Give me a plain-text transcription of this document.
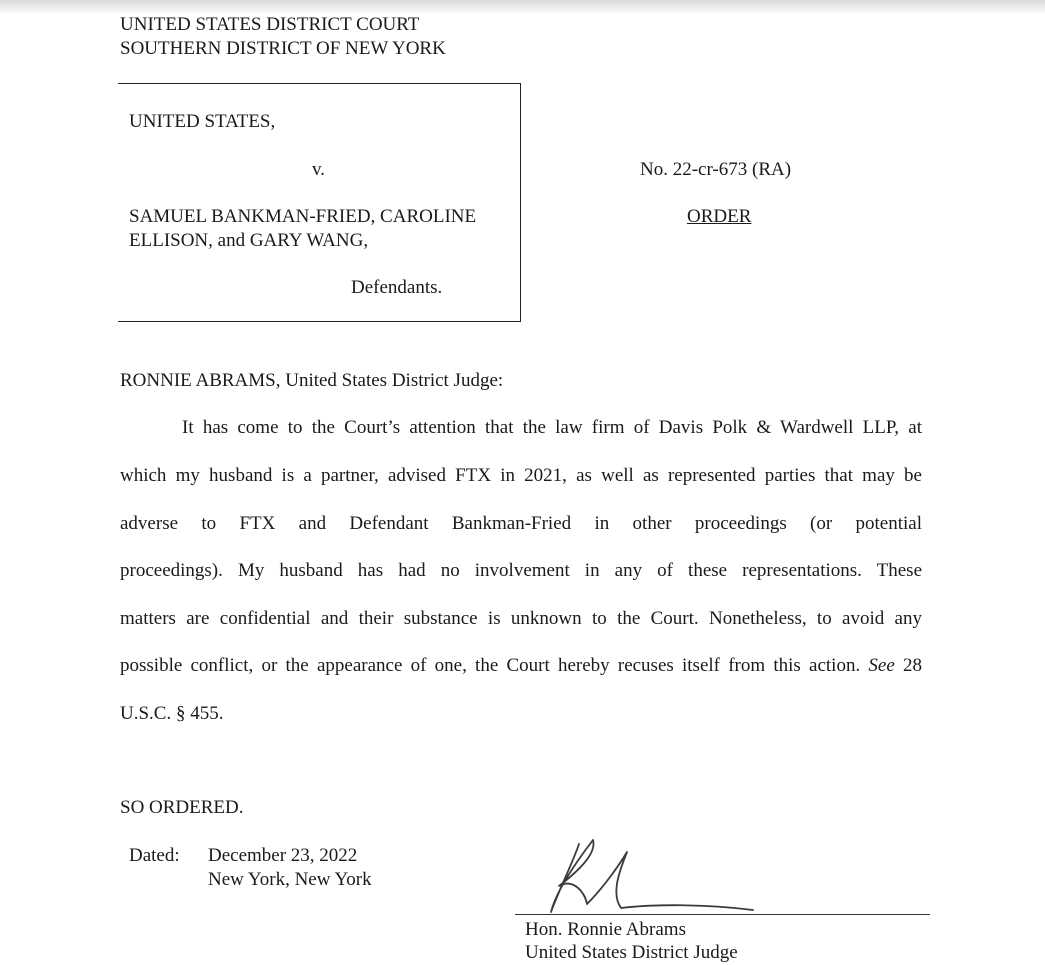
UNITED STATES DISTRICT COURT
SOUTHERN DISTRICT OF NEW YORK
UNITED STATES,
v.
SAMUEL BANKMAN-FRIED, CAROLINE
ELLISON, and GARY WANG,
Defendants.
No. 22-cr-673 (RA)
ORDER
RONNIE ABRAMS, United States District Judge:
It has come to the Court’s attention that the law firm of Davis Polk & Wardwell LLP, at
which my husband is a partner, advised FTX in 2021, as well as represented parties that may be
adverse to FTX and Defendant Bankman-Fried in other proceedings (or potential
proceedings). My husband has had no involvement in any of these representations. These
matters are confidential and their substance is unknown to the Court. Nonetheless, to avoid any
possible conflict, or the appearance of one, the Court hereby recuses itself from this action. See 28
U.S.C. § 455.
SO ORDERED.
Dated: December 23, 2022
New York, New York
Hon. Ronnie Abrams
United States District Judge
